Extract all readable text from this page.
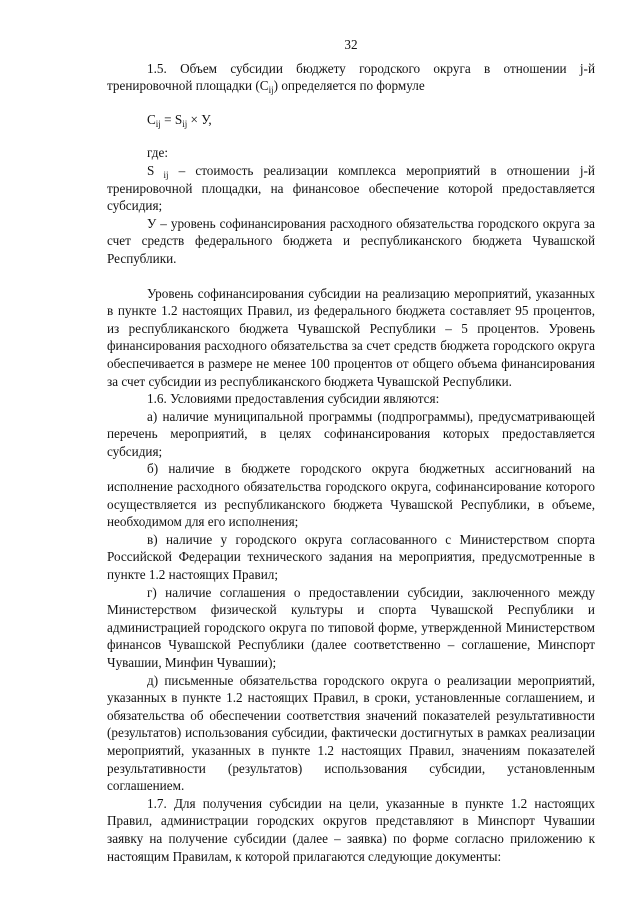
32

1.5. Объем субсидии бюджету городского округа в отношении j-й тренировочной площадки $(C_{ij})$ определяется по формуле

$C_{ij} = S_{ij} \times У$,

где:

S $_{ij}$ – стоимость реализации комплекса мероприятий в отношении j-й тренировочной площадки, на финансовое обеспечение которой предоставляется субсидия;

У – уровень софинансирования расходного обязательства городского округа за счет средств федерального бюджета и республиканского бюджета Чувашской Республики.

Уровень софинансирования субсидии на реализацию мероприятий, указанных в пункте 1.2 настоящих Правил, из федерального бюджета составляет 95 процентов, из республиканского бюджета Чувашской Республики – 5 процентов. Уровень финансирования расходного обязательства за счет средств бюджета городского округа обеспечивается в размере не менее 100 процентов от общего объема финансирования за счет субсидии из республиканского бюджета Чувашской Республики.

1.6. Условиями предоставления субсидии являются:

а) наличие муниципальной программы (подпрограммы), предусматривающей перечень мероприятий, в целях софинансирования которых предоставляется субсидия;

б) наличие в бюджете городского округа бюджетных ассигнований на исполнение расходного обязательства городского округа, софинансирование которого осуществляется из республиканского бюджета Чувашской Республики, в объеме, необходимом для его исполнения;

в) наличие у городского округа согласованного с Министерством спорта Российской Федерации технического задания на мероприятия, предусмотренные в пункте 1.2 настоящих Правил;

г) наличие соглашения о предоставлении субсидии, заключенного между Министерством физической культуры и спорта Чувашской Республики и администрацией городского округа по типовой форме, утвержденной Министерством финансов Чувашской Республики (далее соответственно – соглашение, Минспорт Чувашии, Минфин Чувашии);

д) письменные обязательства городского округа о реализации мероприятий, указанных в пункте 1.2 настоящих Правил, в сроки, установленные соглашением, и обязательства об обеспечении соответствия значений показателей результативности (результатов) использования субсидии, фактически достигнутых в рамках реализации мероприятий, указанных в пункте 1.2 настоящих Правил, значениям показателей результативности (результатов) использования субсидии, установленным соглашением.

1.7. Для получения субсидии на цели, указанные в пункте 1.2 настоящих Правил, администрации городских округов представляют в Минспорт Чувашии заявку на получение субсидии (далее – заявка) по форме согласно приложению к настоящим Правилам, к которой прилагаются следующие документы:
